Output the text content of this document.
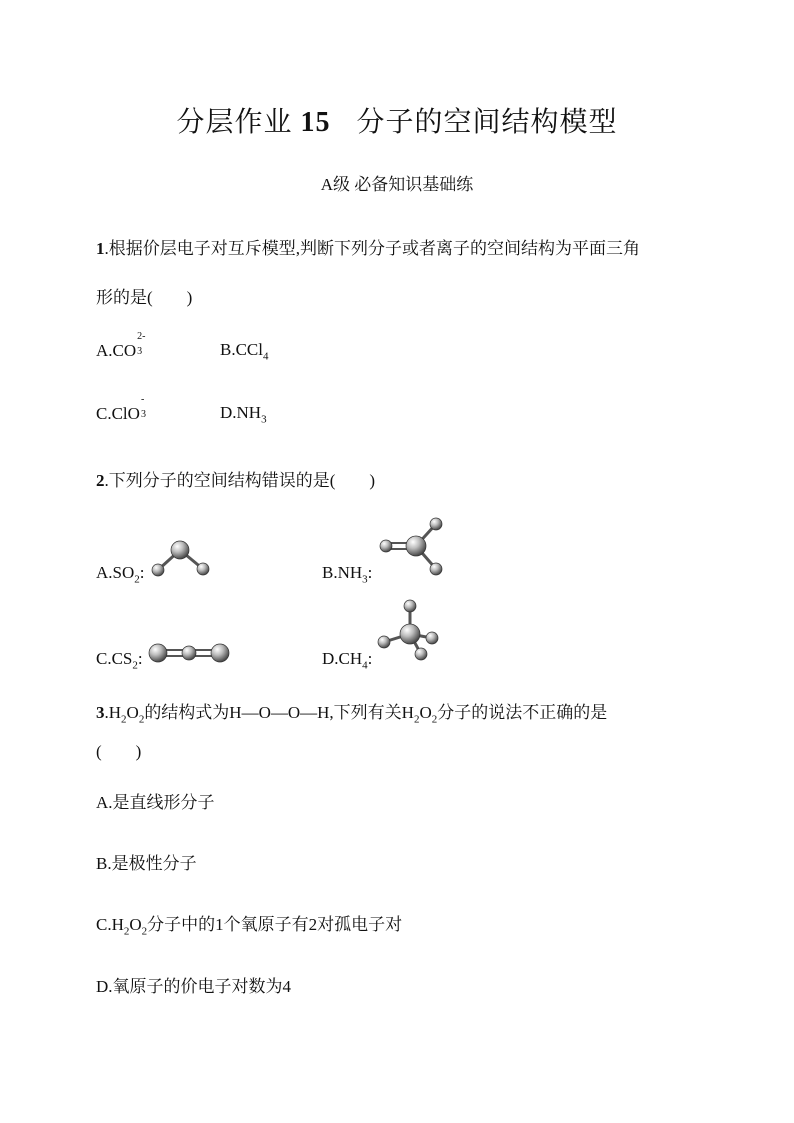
分层作业 15 分子的空间结构模型
A级 必备知识基础练
1.根据价层电子对互斥模型,判断下列分子或者离子的空间结构为平面三角
形的是(　　)
A.CO
2-
3	B.CCl$_4$
C.ClO
-
3	$D.NH_3$
2.下列分子的空间结构错误的是(　　)
$A.SO_2$:	$B.NH_3$:
$C.CS_2$:	$D.CH_4$:
$3.H_2O_2$的结构式为H—O—O—H,下列有关$H_2O_2$分子的说法不正确的是
(　　)
A.是直线形分子
B.是极性分子
$C.H_2O_2$分子中的1个氧原子有2对孤电子对
D.氧原子的价电子对数为4
